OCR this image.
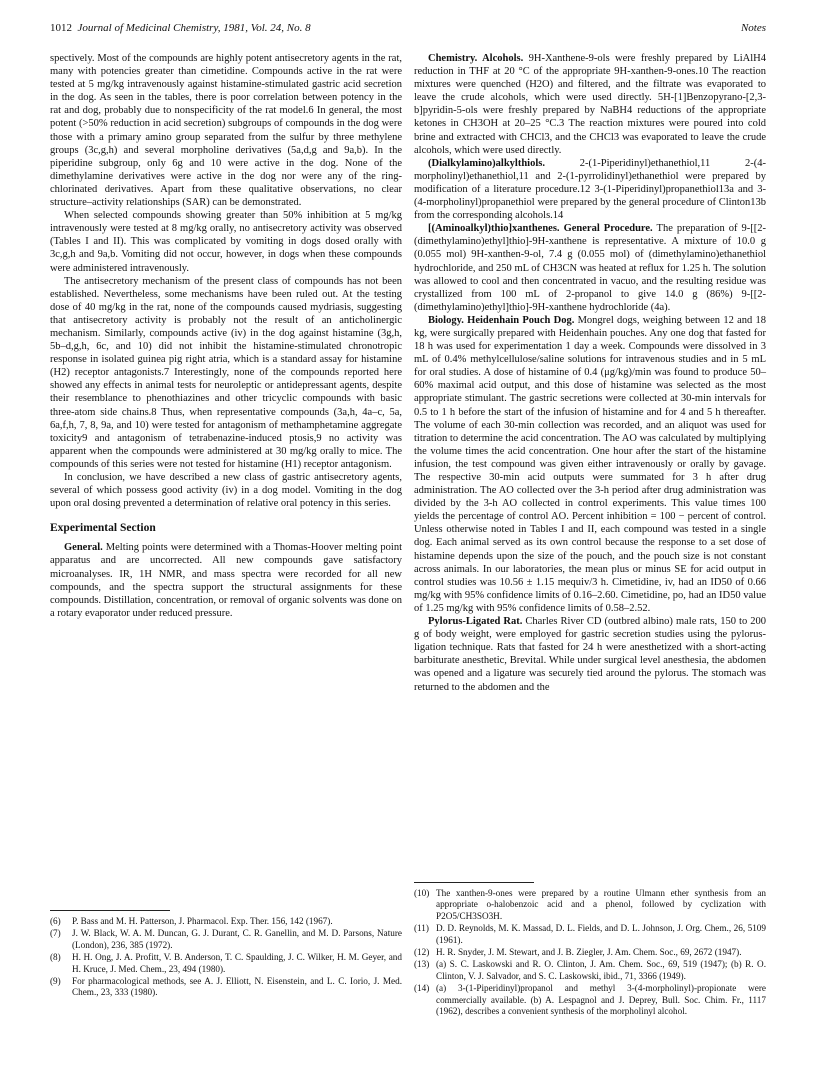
1012 Journal of Medicinal Chemistry, 1981, Vol. 24, No. 8	Notes

spectively. Most of the compounds are highly potent antisecretory agents in the rat, many with potencies greater than cimetidine. Compounds active in the rat were tested at 5 mg/kg intravenously against histamine-stimulated gastric acid secretion in the dog. As seen in the tables, there is poor correlation between potency in the rat and dog, probably due to nonspecificity of the rat model.6 In general, the most potent (>50% reduction in acid secretion) subgroups of compounds in the dog were those with a primary amino group separated from the sulfur by three methylene groups (3c,g,h) and several morpholine derivatives (5a,d,g and 9a,b). In the piperidine subgroup, only 6g and 10 were active in the dog. None of the dimethylamine derivatives were active in the dog nor were any of the ring-chlorinated derivatives. Apart from these qualitative observations, no clear structure–activity relationships (SAR) can be demonstrated.

When selected compounds showing greater than 50% inhibition at 5 mg/kg intravenously were tested at 8 mg/kg orally, no antisecretory activity was observed (Tables I and II). This was complicated by vomiting in dogs dosed orally with 3c,g,h and 9a,b. Vomiting did not occur, however, in dogs when these compounds were administered intravenously.

The antisecretory mechanism of the present class of compounds has not been established. Nevertheless, some mechanisms have been ruled out. At the testing dose of 40 mg/kg in the rat, none of the compounds caused mydriasis, suggesting that antisecretory activity is probably not the result of an anticholinergic mechanism. Similarly, compounds active (iv) in the dog against histamine (3g,h, 5b–d,g,h, 6c, and 10) did not inhibit the histamine-stimulated chronotropic response in isolated guinea pig right atria, which is a standard assay for histamine (H2) receptor antagonists.7 Interestingly, none of the compounds reported here showed any effects in animal tests for neuroleptic or antidepressant agents, despite their resemblance to phenothiazines and other tricyclic compounds with basic three-atom side chains.8 Thus, when representative compounds (3a,h, 4a–c, 5a, 6a,f,h, 7, 8, 9a, and 10) were tested for antagonism of methamphetamine aggregate toxicity9 and antagonism of tetrabenazine-induced ptosis,9 no activity was apparent when the compounds were administered at 30 mg/kg orally to mice. The compounds of this series were not tested for histamine (H1) receptor antagonism.

In conclusion, we have described a new class of gastric antisecretory agents, several of which possess good activity (iv) in a dog model. Vomiting in the dog upon oral dosing prevented a determination of relative oral potency in this series.

Experimental Section

General. Melting points were determined with a Thomas-Hoover melting point apparatus and are uncorrected. All new compounds gave satisfactory microanalyses. IR, 1H NMR, and mass spectra were recorded for all new compounds, and the spectra support the structural assignments for these compounds. Distillation, concentration, or removal of organic solvents was done on a rotary evaporator under reduced pressure.

(6)	P. Bass and M. H. Patterson, J. Pharmacol. Exp. Ther. 156, 142 (1967).
(7)	J. W. Black, W. A. M. Duncan, G. J. Durant, C. R. Ganellin, and M. D. Parsons, Nature (London), 236, 385 (1972).
(8)	H. H. Ong, J. A. Profitt, V. B. Anderson, T. C. Spaulding, J. C. Wilker, H. M. Geyer, and H. Kruce, J. Med. Chem., 23, 494 (1980).
(9)	For pharmacological methods, see A. J. Elliott, N. Eisenstein, and L. C. Iorio, J. Med. Chem., 23, 333 (1980).

Chemistry. Alcohols. 9H-Xanthene-9-ols were freshly prepared by LiAlH4 reduction in THF at 20 °C of the appropriate 9H-xanthen-9-ones.10 The reaction mixtures were quenched (H2O) and filtered, and the filtrate was evaporated to leave the crude alcohols, which were used directly. 5H-[1]Benzopyrano-[2,3-b]pyridin-5-ols were freshly prepared by NaBH4 reductions of the appropriate ketones in CH3OH at 20–25 °C.3 The reaction mixtures were poured into cold brine and extracted with CHCl3, and the CHCl3 was evaporated to leave the crude alcohols, which were used directly.

(Dialkylamino)alkylthiols.	2-(1-Piperidinyl)ethanethiol,11 2-(4-morpholinyl)ethanethiol,11 and 2-(1-pyrrolidinyl)ethanethiol were prepared by modification of a literature procedure.12 3-(1-Piperidinyl)propanethiol13a and 3-(4-morpholinyl)propanethiol were prepared by the general procedure of Clinton13b from the corresponding alcohols.14

[(Aminoalkyl)thio]xanthenes. General Procedure. The preparation of 9-[[2-(dimethylamino)ethyl]thio]-9H-xanthene is representative. A mixture of 10.0 g (0.055 mol) 9H-xanthen-9-ol, 7.4 g (0.055 mol) of (dimethylamino)ethanethiol hydrochloride, and 250 mL of CH3CN was heated at reflux for 1.25 h. The solution was allowed to cool and then concentrated in vacuo, and the resulting residue was crystallized from 100 mL of 2-propanol to give 14.0 g (86%) 9-[[2-(dimethylamino)ethyl]thio]-9H-xanthene hydrochloride (4a).

Biology. Heidenhain Pouch Dog. Mongrel dogs, weighing between 12 and 18 kg, were surgically prepared with Heidenhain pouches. Any one dog that fasted for 18 h was used for experimentation 1 day a week. Compounds were dissolved in 3 mL of 0.4% methylcellulose/saline solutions for intravenous studies and in 5 mL for oral studies. A dose of histamine of 0.4 (μg/kg)/min was found to produce 50–60% maximal acid output, and this dose of histamine was selected as the most appropriate stimulant. The gastric secretions were collected at 30-min intervals for 0.5 to 1 h before the start of the infusion of histamine and for 4 and 5 h thereafter. The volume of each 30-min collection was recorded, and an aliquot was used for titration to determine the acid concentration. The AO was calculated by multiplying the volume times the acid concentration. One hour after the start of the histamine infusion, the test compound was given either intravenously or orally by gavage. The respective 30-min acid outputs were summated for 3 h after drug administration. The AO collected over the 3-h period after drug administration was divided by the 3-h AO collected in control experiments. This value times 100 yields the percentage of control AO. Percent inhibition = 100 − percent of control. Unless otherwise noted in Tables I and II, each compound was tested in a single dog. Each animal served as its own control because the response to a set dose of histamine depends upon the size of the pouch, and the pouch size is not constant across animals. In our laboratories, the mean plus or minus SE for acid output in control studies was 10.56 ± 1.15 mequiv/3 h. Cimetidine, iv, had an ID50 of 0.66 mg/kg with 95% confidence limits of 0.16–2.60. Cimetidine, po, had an ID50 value of 1.25 mg/kg with 95% confidence limits of 0.58–2.52.

Pylorus-Ligated Rat. Charles River CD (outbred albino) male rats, 150 to 200 g of body weight, were employed for gastric secretion studies using the pylorus-ligation technique. Rats that fasted for 24 h were anesthetized with a short-acting barbiturate anesthetic, Brevital. While under surgical level anesthesia, the abdomen was opened and a ligature was securely tied around the pylorus. The stomach was returned to the abdomen and the

(10) The xanthen-9-ones were prepared by a routine Ulmann ether synthesis from an appropriate o-halobenzoic acid and a phenol, followed by cyclization with P2O5/CH3SO3H.
(11) D. D. Reynolds, M. K. Massad, D. L. Fields, and D. L. Johnson, J. Org. Chem., 26, 5109 (1961).
(12) H. R. Snyder, J. M. Stewart, and J. B. Ziegler, J. Am. Chem. Soc., 69, 2672 (1947).
(13) (a) S. C. Laskowski and R. O. Clinton, J. Am. Chem. Soc., 69, 519 (1947); (b) R. O. Clinton, V. J. Salvador, and S. C. Laskowski, ibid., 71, 3366 (1949).
(14) (a) 3-(1-Piperidinyl)propanol and methyl 3-(4-morpholinyl)-propionate were commercially available. (b) A. Lespagnol and J. Deprey, Bull. Soc. Chim. Fr., 1117 (1962), describes a convenient synthesis of the morpholinyl alcohol.
